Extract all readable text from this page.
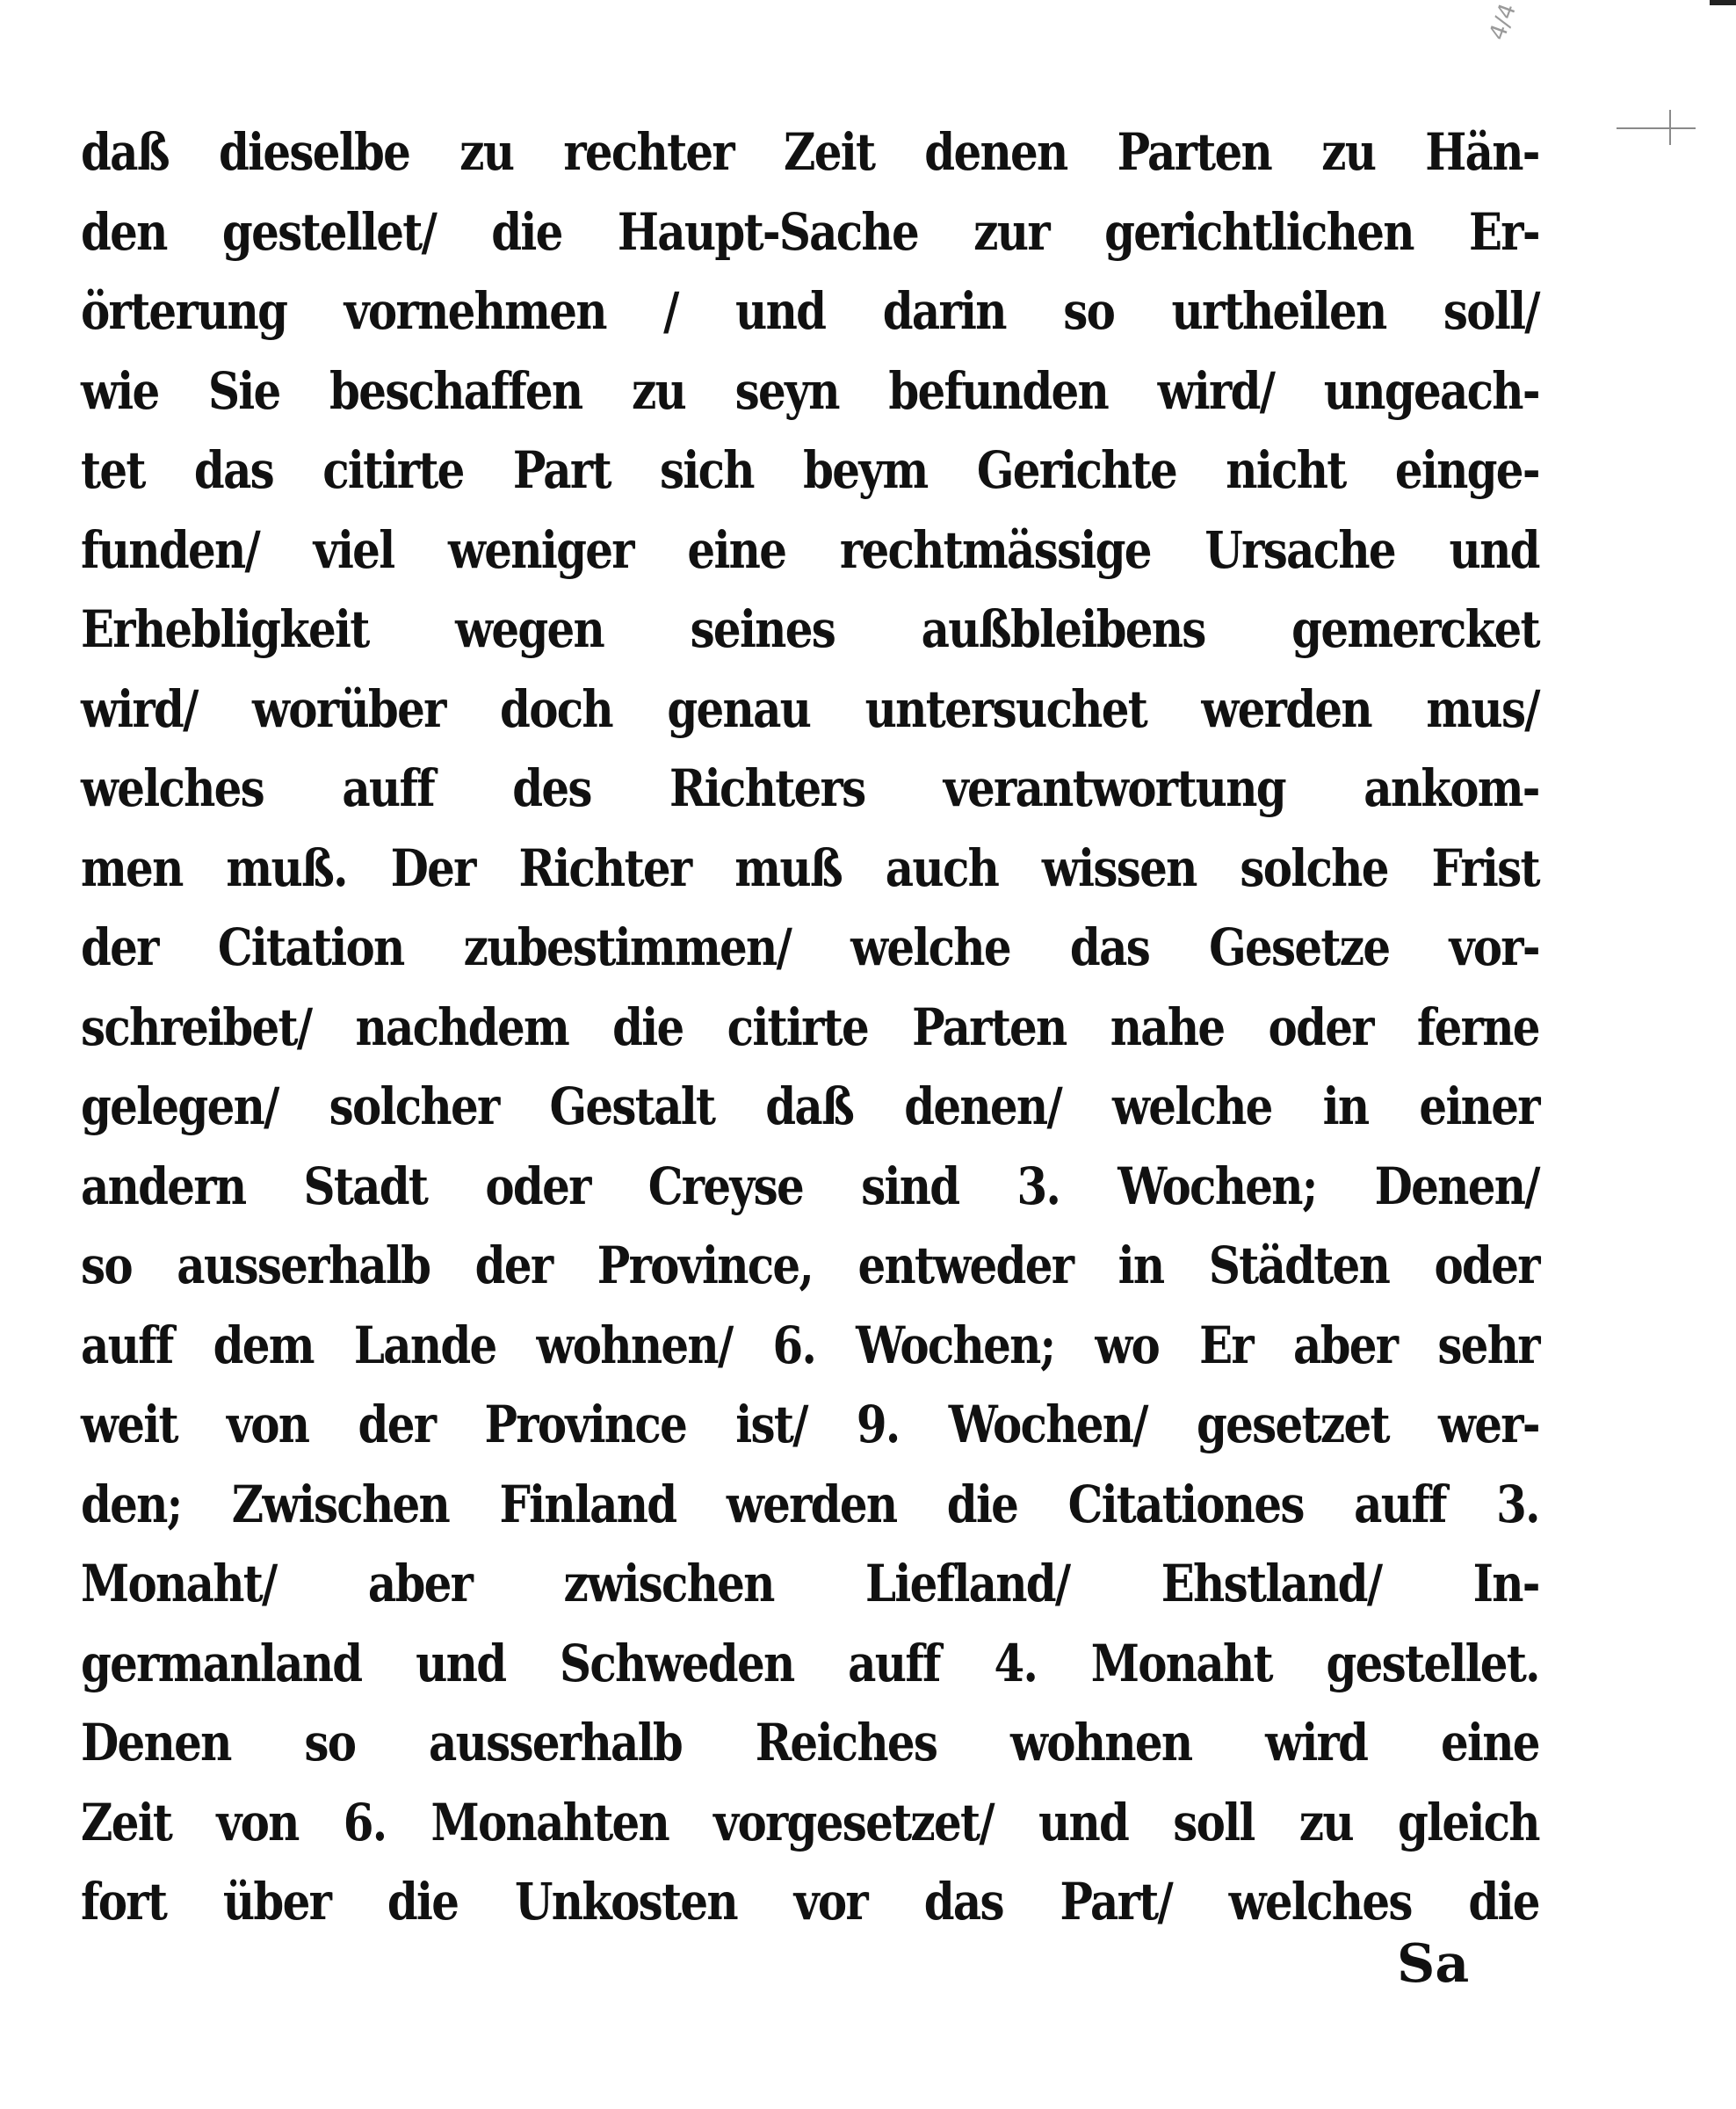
4/4
daß dieselbe zu rechter Zeit denen Parten zu Hän-
den gestellet/ die Haupt-Sache zur gerichtlichen Er-
örterung vornehmen / und darin so urtheilen soll/
wie Sie beschaffen zu seyn befunden wird/ ungeach-
tet das citirte Part sich beym Gerichte nicht einge-
funden/ viel weniger eine rechtmässige Ursache und
Erhebligkeit wegen seines außbleibens gemercket
wird/ worüber doch genau untersuchet werden mus/
welches auff des Richters verantwortung ankom-
men muß. Der Richter muß auch wissen solche Frist
der Citation zubestimmen/ welche das Gesetze vor-
schreibet/ nachdem die citirte Parten nahe oder ferne
gelegen/ solcher Gestalt daß denen/ welche in einer
andern Stadt oder Creyse sind 3. Wochen; Denen/
so ausserhalb der Province, entweder in Städten oder
auff dem Lande wohnen/ 6. Wochen; wo Er aber sehr
weit von der Province ist/ 9. Wochen/ gesetzet wer-
den; Zwischen Finland werden die Citationes auff 3.
Monaht/ aber zwischen Liefland/ Ehstland/ In-
germanland und Schweden auff 4. Monaht gestellet.
Denen so ausserhalb Reiches wohnen wird eine
Zeit von 6. Monahten vorgesetzet/ und soll zu gleich
fort über die Unkosten vor das Part/ welches die
Sa
